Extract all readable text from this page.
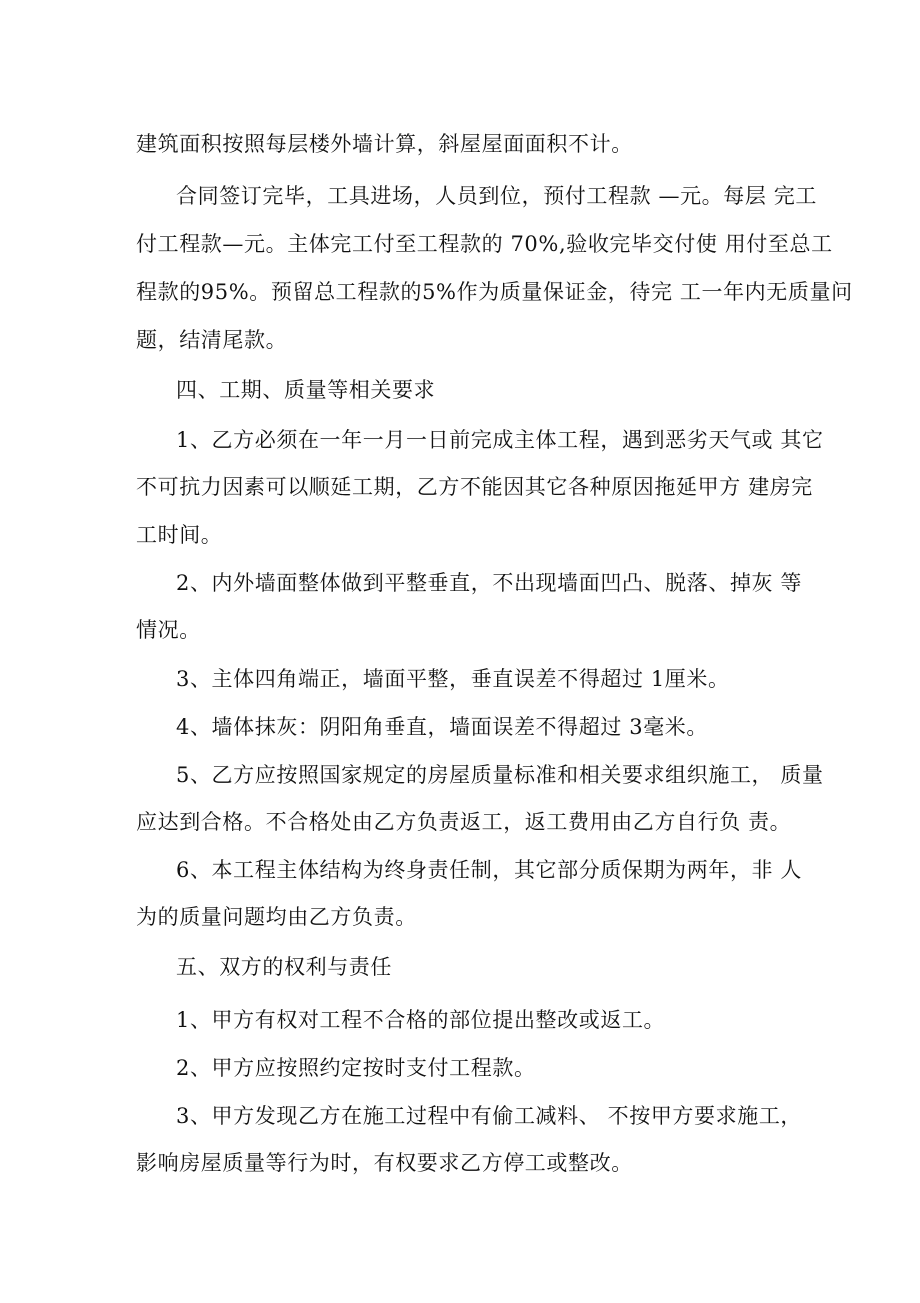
建筑面积按照每层楼外墙计算，斜屋屋面面积不计。
合同签订完毕，工具进场，人员到位，预付工程款 —元。每层 完工
付工程款—元。主体完工付至工程款的 70%,验收完毕交付使 用付至总工
程款的95%。预留总工程款的5%作为质量保证金，待完 工一年内无质量问
题，结清尾款。
四、工期、质量等相关要求
1、乙方必须在一年一月一日前完成主体工程，遇到恶劣天气或 其它
不可抗力因素可以顺延工期，乙方不能因其它各种原因拖延甲方 建房完
工时间。
2、内外墙面整体做到平整垂直，不出现墙面凹凸、脱落、掉灰 等
情况。
3、主体四角端正，墙面平整，垂直误差不得超过 1厘米。
4、墙体抹灰：阴阳角垂直，墙面误差不得超过 3毫米。
5、乙方应按照国家规定的房屋质量标准和相关要求组织施工， 质量
应达到合格。不合格处由乙方负责返工，返工费用由乙方自行负 责。
6、本工程主体结构为终身责任制，其它部分质保期为两年，非 人
为的质量问题均由乙方负责。
五、双方的权利与责任
1、甲方有权对工程不合格的部位提出整改或返工。
2、甲方应按照约定按时支付工程款。
3、甲方发现乙方在施工过程中有偷工减料、 不按甲方要求施工，
影响房屋质量等行为时，有权要求乙方停工或整改。
